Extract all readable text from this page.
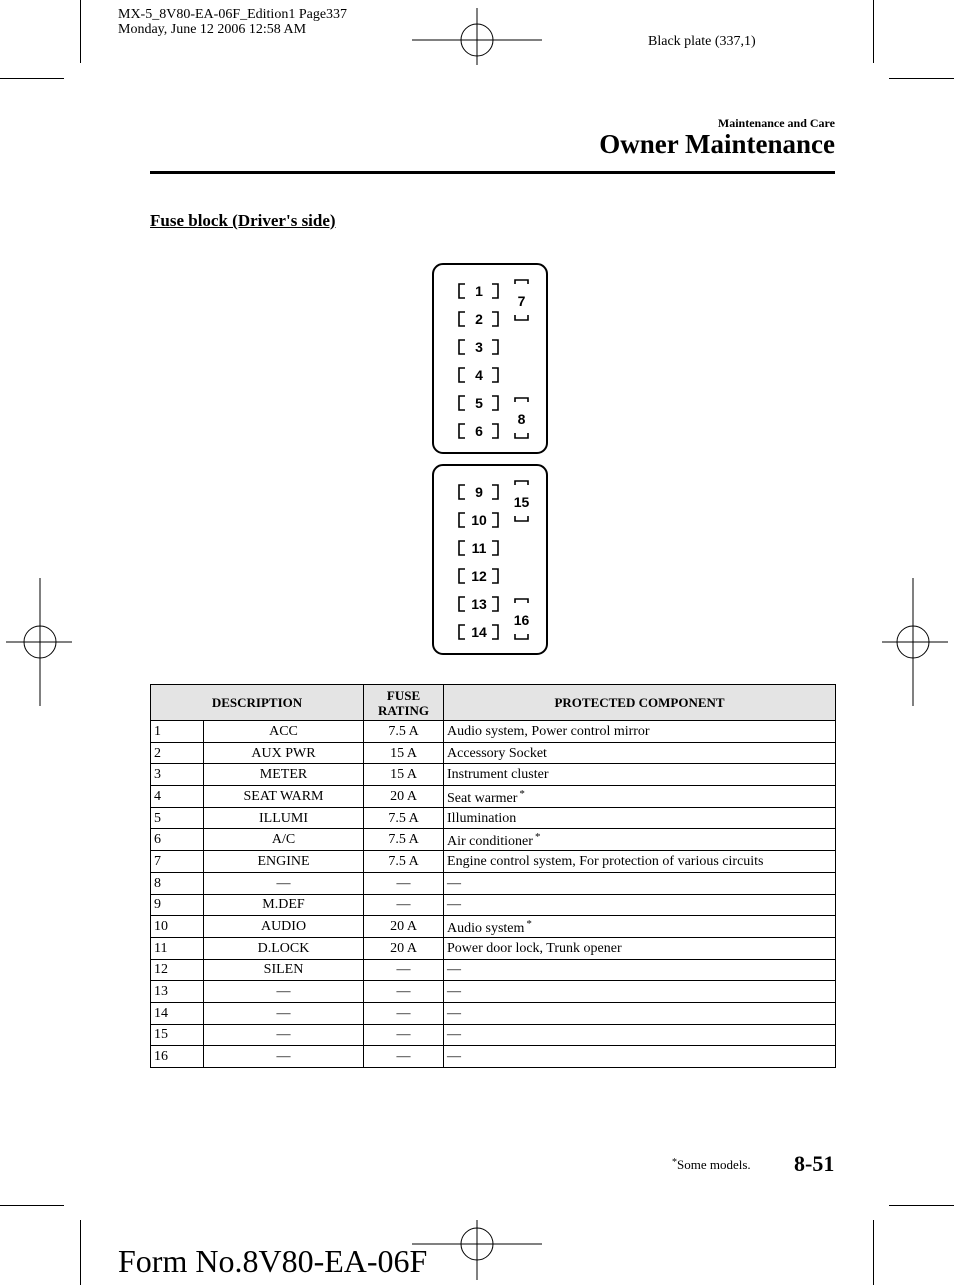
MX-5_8V80-EA-06F_Edition1 Page337
Monday, June 12 2006 12:58 AM
Black plate (337,1)
Maintenance and Care
Owner Maintenance
Fuse block (Driver's side)
1
2
3
4
5
6
7
8
9
10
11
12
13
14
15
16
DESCRIPTION		FUSE RATING	PROTECTED COMPONENT
1	ACC	7.5 A	Audio system, Power control mirror
2	AUX PWR	15 A	Accessory Socket
3	METER	15 A	Instrument cluster
4	SEAT WARM	20 A	Seat warmer *
5	ILLUMI	7.5 A	Illumination
6	A/C	7.5 A	Air conditioner *
7	ENGINE	7.5 A	Engine control system, For protection of various circuits
8	—	—	—
9	M.DEF	—	—
10	AUDIO	20 A	Audio system *
11	D.LOCK	20 A	Power door lock, Trunk opener
12	SILEN	—	—
13	—	—	—
14	—	—	—
15	—	—	—
16	—	—	—
*Some models. 8-51
Form No.8V80-EA-06F
